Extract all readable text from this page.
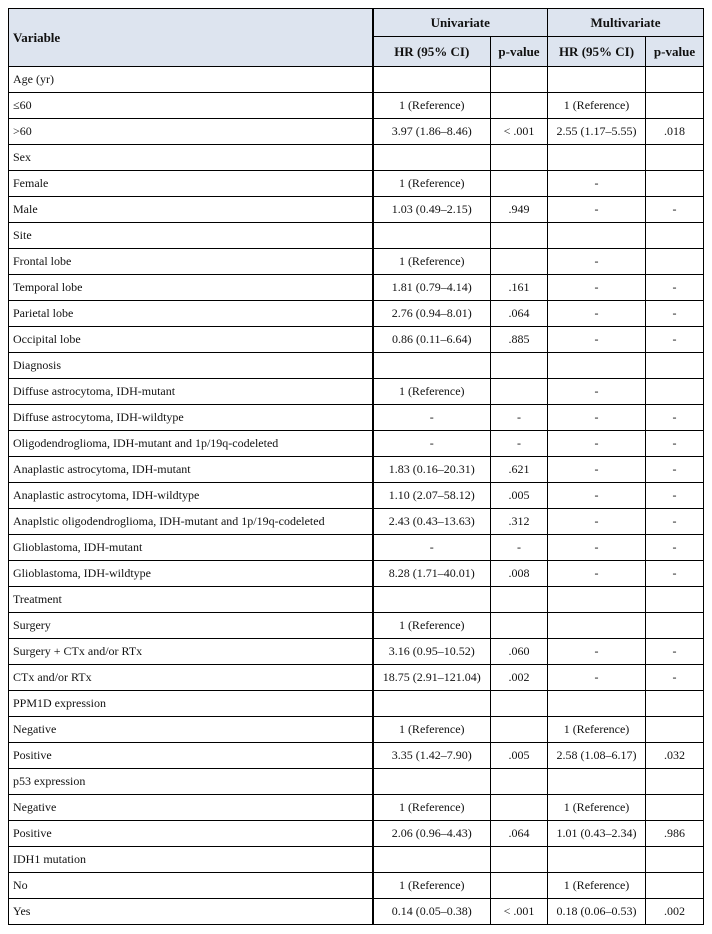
Variable	Univariate		Multivariate	
	HR (95% CI)	p-value	HR (95% CI)	p-value
Age (yr)				
≤60	1 (Reference)		1 (Reference)	
>60	3.97 (1.86–8.46)	< .001	2.55 (1.17–5.55)	.018
Sex				
Female	1 (Reference)		-	
Male	1.03 (0.49–2.15)	.949	-	-
Site				
Frontal lobe	1 (Reference)		-	
Temporal lobe	1.81 (0.79–4.14)	.161	-	-
Parietal lobe	2.76 (0.94–8.01)	.064	-	-
Occipital lobe	0.86 (0.11–6.64)	.885	-	-
Diagnosis				
Diffuse astrocytoma, IDH-mutant	1 (Reference)		-	
Diffuse astrocytoma, IDH-wildtype	-	-	-	-
Oligodendroglioma, IDH-mutant and 1p/19q-codeleted	-	-	-	-
Anaplastic astrocytoma, IDH-mutant	1.83 (0.16–20.31)	.621	-	-
Anaplastic astrocytoma, IDH-wildtype	1.10 (2.07–58.12)	.005	-	-
Anaplstic oligodendroglioma, IDH-mutant and 1p/19q-codeleted	2.43 (0.43–13.63)	.312	-	-
Glioblastoma, IDH-mutant	-	-	-	-
Glioblastoma, IDH-wildtype	8.28 (1.71–40.01)	.008	-	-
Treatment				
Surgery	1 (Reference)			
Surgery + CTx and/or RTx	3.16 (0.95–10.52)	.060	-	-
CTx and/or RTx	18.75 (2.91–121.04)	.002	-	-
PPM1D expression				
Negative	1 (Reference)		1 (Reference)	
Positive	3.35 (1.42–7.90)	.005	2.58 (1.08–6.17)	.032
p53 expression				
Negative	1 (Reference)		1 (Reference)	
Positive	2.06 (0.96–4.43)	.064	1.01 (0.43–2.34)	.986
IDH1 mutation				
No	1 (Reference)		1 (Reference)	
Yes	0.14 (0.05–0.38)	< .001	0.18 (0.06–0.53)	.002
